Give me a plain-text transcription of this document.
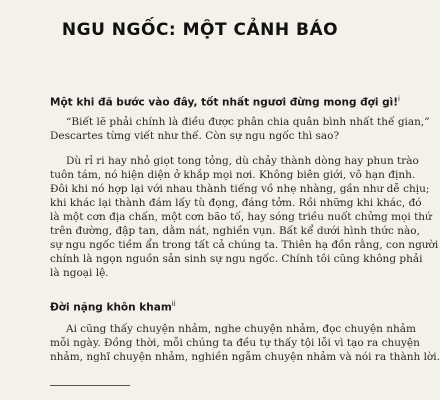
NGU NGỐC: MỘT CẢNH BÁO
Một khi đã bước vào đây, tốt nhất ngươi đừng mong đợi gì!$^i$
“Biết lẽ phải chính là điều được phân chia quân bình nhất thế gian,”
Descartes từng viết như thế. Còn sự ngu ngốc thì sao?
Dù rỉ ri hay nhỏ giọt tong tỏng, dù chảy thành dòng hay phun trào
tuôn tám, nó hiện diện ở khắp mọi nơi. Không biên giới, vô hạn định.
Đôi khi nó hợp lại với nhau thành tiếng vồ nhẹ nhàng, gần như dễ chịu;
khi khác lại thành đám lấy tù đọng, đáng tởm. Rồi những khi khác, đó
là một cơn địa chấn, một cơn bão tố, hay sóng triều nuốt chửng mọi thứ
trên đường, đập tan, dằm nát, nghiền vụn. Bất kể dưới hình thức nào,
sự ngu ngốc tiềm ẩn trong tất cả chúng ta. Thiên hạ đồn rằng, con người
chính là ngọn nguồn sản sinh sự ngu ngốc. Chính tôi cũng không phải
là ngoại lệ.
Đời nặng khôn kham$^{ii}$
Ai cũng thấy chuyện nhảm, nghe chuyện nhảm, đọc chuyện nhảm
mỗi ngày. Đồng thời, mỗi chúng ta đều tự thấy tội lỗi vì tạo ra chuyện
nhảm, nghĩ chuyện nhảm, nghiền ngẫm chuyện nhảm và nói ra thành lời.
